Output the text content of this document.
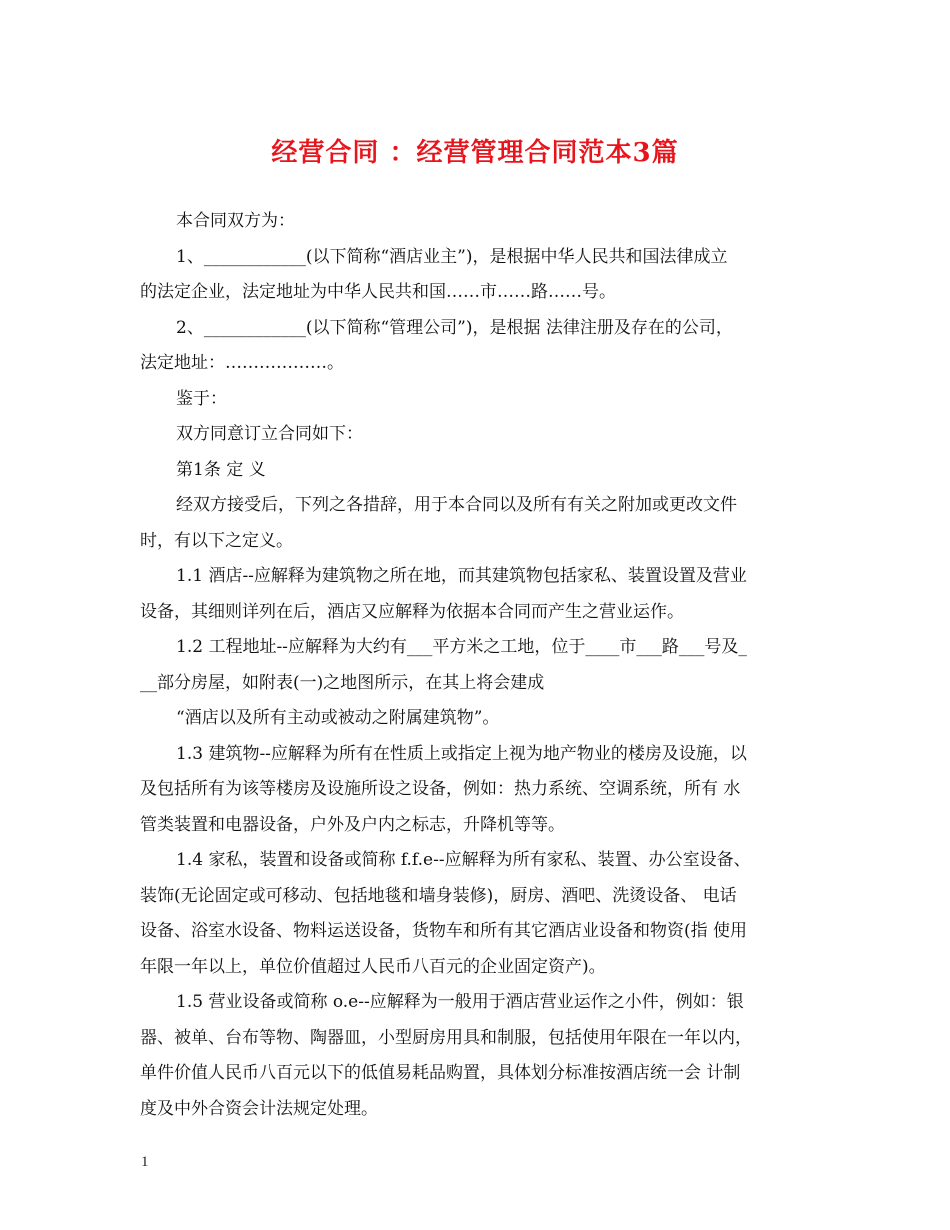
经营合同 ：经营管理合同范本3篇
本合同双方为：
1、____________(以下简称“酒店业主”)，是根据中华人民共和国法律成立
的法定企业，法定地址为中华人民共和国……市……路……号。
2、____________(以下简称“管理公司”)，是根据 法律注册及存在的公司，
法定地址：………………。
鉴于：
双方同意订立合同如下：
第1条 定 义
经双方接受后，下列之各措辞，用于本合同以及所有有关之附加或更改文件
时，有以下之定义。
1.1 酒店--应解释为建筑物之所在地，而其建筑物包括家私、装置设置及营业
设备，其细则详列在后，酒店又应解释为依据本合同而产生之营业运作。
1.2 工程地址--应解释为大约有___平方米之工地，位于____市___路___号及_
__部分房屋，如附表(一)之地图所示，在其上将会建成
“酒店以及所有主动或被动之附属建筑物”。
1.3 建筑物--应解释为所有在性质上或指定上视为地产物业的楼房及设施，以
及包括所有为该等楼房及设施所设之设备，例如：热力系统、空调系统，所有 水
管类装置和电器设备，户外及户内之标志，升降机等等。
1.4 家私，装置和设备或简称 f.f.e--应解释为所有家私、装置、办公室设备、
装饰(无论固定或可移动、包括地毯和墙身装修)，厨房、酒吧、洗烫设备、 电话
设备、浴室水设备、物料运送设备，货物车和所有其它酒店业设备和物资(指 使用
年限一年以上，单位价值超过人民币八百元的企业固定资产)。
1.5 营业设备或简称 o.e--应解释为一般用于酒店营业运作之小件，例如：银
器、被单、台布等物、陶器皿，小型厨房用具和制服，包括使用年限在一年以内，
单件价值人民币八百元以下的低值易耗品购置，具体划分标准按酒店统一会 计制
度及中外合资会计法规定处理。
1
